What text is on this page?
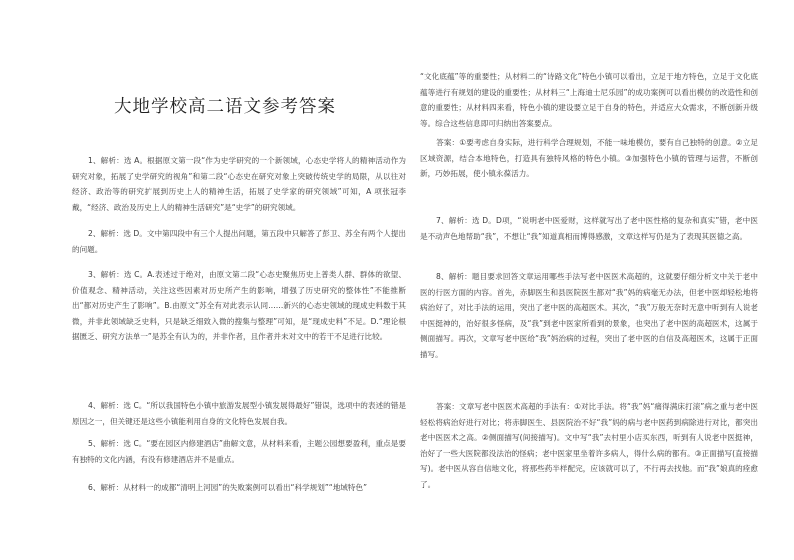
大地学校高二语文参考答案

1、解析：选 A。根据原文第一段“作为史学研究的一个新领域，心态史学将人的精神活动作为研究对象，拓展了史学研究的视角”和第二段“心态史在研究对象上突破传统史学的局限，从以往对经济、政治等的研究扩展到历史上人的精神生活，拓展了史学家的研究领域”可知，A 项张冠李戴，“经济、政治及历史上人的精神生活研究”是“史学”的研究领域。

2、解析：选 D。文中第四段中有三个人提出问题，第五段中只解答了彭卫、苏全有两个人提出的问题。

3、解析：选 C。A.表述过于绝对，由原文第二段“心态史聚焦历史上普类人群、群体的欲望、价值观念、精神活动，关注这些因素对历史所产生的影响，增强了历史研究的整体性”不能推断出“都对历史产生了影响”。B.由原文“苏全有对此表示认同……新兴的心态史领域的现成史料数于其微，并非此领域缺乏史料，只是缺乏细致入微的搜集与整理”可知，是“现成史料”不足。D.“理论根据匮乏、研究方法单一”是苏全有认为的，并非作者，且作者并未对文中的若干不足进行比较。

4、解析：选 C。“所以我国特色小镇中旅游发展型小镇发展得最好”错误，选项中的表述的错是原因之一，但关键还是这些小镇能利用自身的文化特色发展自我。

5、解析：选 C。“要在园区内修建酒店”曲解文意，从材料来看，主题公园想要盈利，重点是要有独特的文化内涵，有没有修建酒店并不是重点。

6、解析：从材料一的成都“清明上河园”的失败案例可以看出“科学规划”“地域特色”

“文化底蕴”等的重要性；从材料二的“诗路文化”特色小镇可以看出，立足于地方特色，立足于文化底蕴等进行有规划的建设的重要性；从材料三“上海迪士尼乐园”的成功案例可以看出模仿的改造性和创意的重要性；从材料四来看，特色小镇的建设要立足于自身的特色，并适应大众需求，不断创新升级等。综合这些信息即可归纳出答案要点。

答案：①要考虑自身实际，进行科学合理规划，不能一味地模仿，要有自己独特的创意。②立足区域资源，结合本地特色，打造具有独特风格的特色小镇。③加强特色小镇的管理与运营，不断创新，巧妙拓展，使小镇永葆活力。

7、解析：选 D。D项，“说明老中医爱财，这样就写出了老中医性格的复杂和真实”错，老中医是不动声色地帮助“我”，不想让“我”知道真相而博得感激，文章这样写仍是为了表现其医德之高。

8、解析：题目要求回答文章运用哪些手法写老中医医术高超的，这就要仔细分析文中关于老中医的行医方面的内容。首先，赤脚医生和县医院医生都对“我”妈的病毫无办法，但老中医却轻松地将病治好了，对比手法的运用，突出了老中医的高超医术。其次，“我”万般无奈时无意中听到有人说老中医挺神的，治好很多怪病，及“我”到老中医家所看到的景象，也突出了老中医的高超医术，这属于侧面描写。再次，文章写老中医给“我”妈治病的过程，突出了老中医的自信及高超医术，这属于正面描写。

答案：文章写老中医医术高超的手法有：①对比手法。将“我”妈“痛得满床打滚”病之重与老中医轻松将病治好进行对比；将赤脚医生、县医院治不好“我”妈的病与老中医药到病除进行对比，都突出老中医医术之高。②侧面描写(间接描写)。文中写“我”去村里小店买东西，听到有人说老中医挺神，治好了一些大医院都没法治的怪病；老中医家里坐着许多病人，得什么病的都有。③正面描写(直接描写)。老中医从容自信地文化，将那些药半样配完，应该就可以了，不行再去找他。而“我”娘真的痊愈了。
